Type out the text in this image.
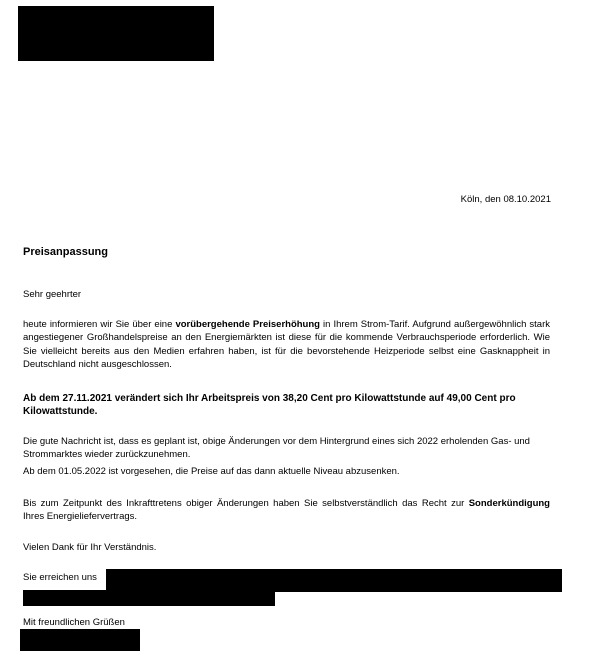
Köln, den 08.10.2021
Preisanpassung
Sehr geehrter
heute informieren wir Sie über eine vorübergehende Preiserhöhung in Ihrem Strom-Tarif. Aufgrund außergewöhnlich stark angestiegener Großhandelspreise an den Energiemärkten ist diese für die kommende Verbrauchsperiode erforderlich. Wie Sie vielleicht bereits aus den Medien erfahren haben, ist für die bevorstehende Heizperiode selbst eine Gasknappheit in Deutschland nicht ausgeschlossen.
Ab dem 27.11.2021 verändert sich Ihr Arbeitspreis von 38,20 Cent pro Kilowattstunde auf 49,00 Cent pro Kilowattstunde.
Die gute Nachricht ist, dass es geplant ist, obige Änderungen vor dem Hintergrund eines sich 2022 erholenden Gas- und Strommarktes wieder zurückzunehmen.
Ab dem 01.05.2022 ist vorgesehen, die Preise auf das dann aktuelle Niveau abzusenken.
Bis zum Zeitpunkt des Inkrafttretens obiger Änderungen haben Sie selbstverständlich das Recht zur Sonderkündigung Ihres Energieliefervertrags.
Vielen Dank für Ihr Verständnis.
Sie erreichen uns
Mit freundlichen Grüßen
